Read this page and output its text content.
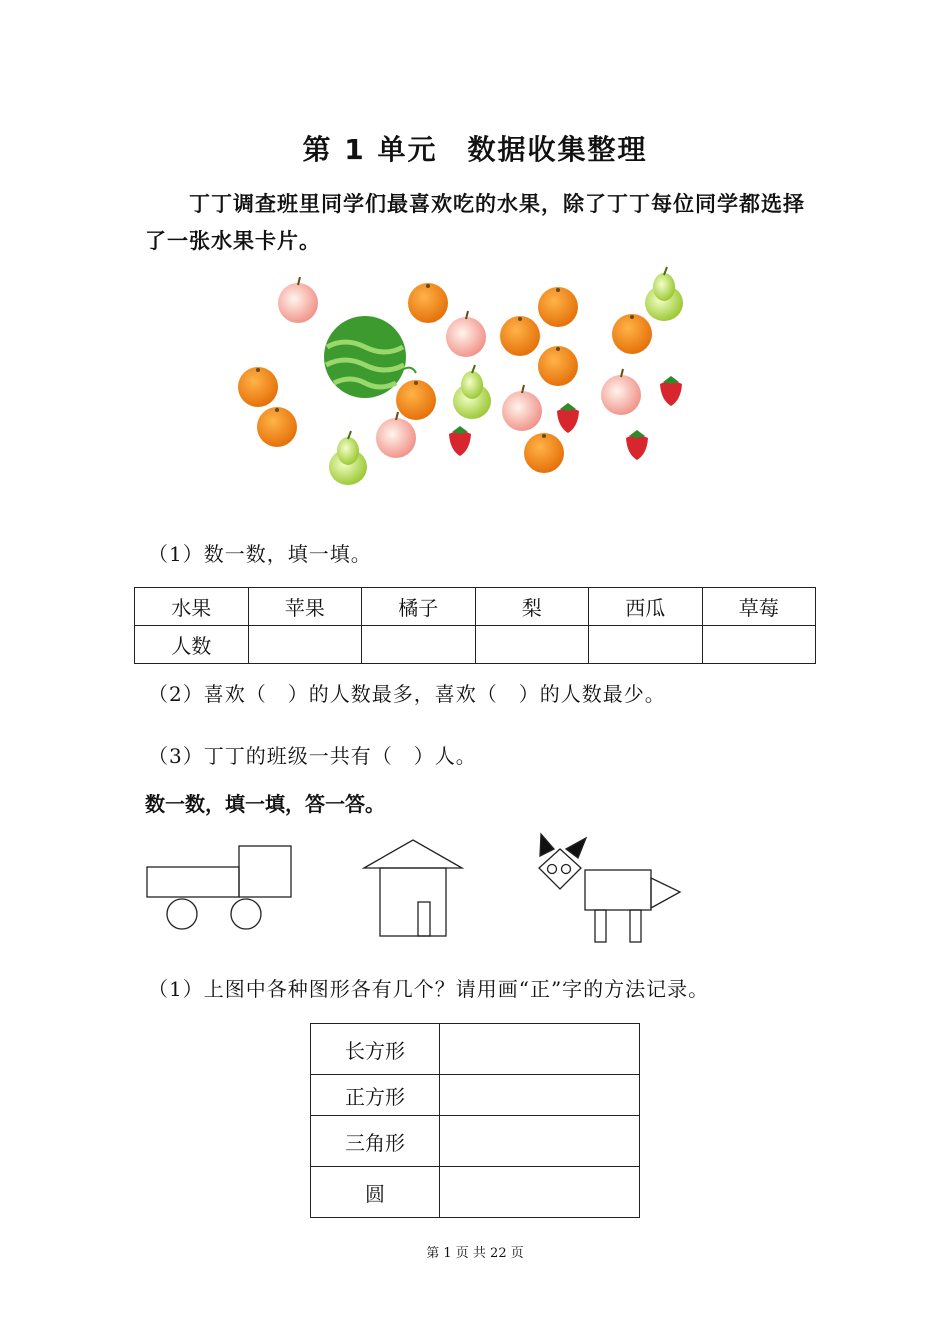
第 1 单元　数据收集整理
丁丁调查班里同学们最喜欢吃的水果，除了丁丁每位同学都选择了一张水果卡片。
（1）数一数，填一填。
水果	苹果	橘子	梨	西瓜	草莓
人数					
（2）喜欢（　）的人数最多，喜欢（　）的人数最少。
（3）丁丁的班级一共有（　）人。
数一数，填一填，答一答。
（1）上图中各种图形各有几个？请用画“正”字的方法记录。
长方形	
正方形	
三角形	
圆	
第 1 页 共 22 页
